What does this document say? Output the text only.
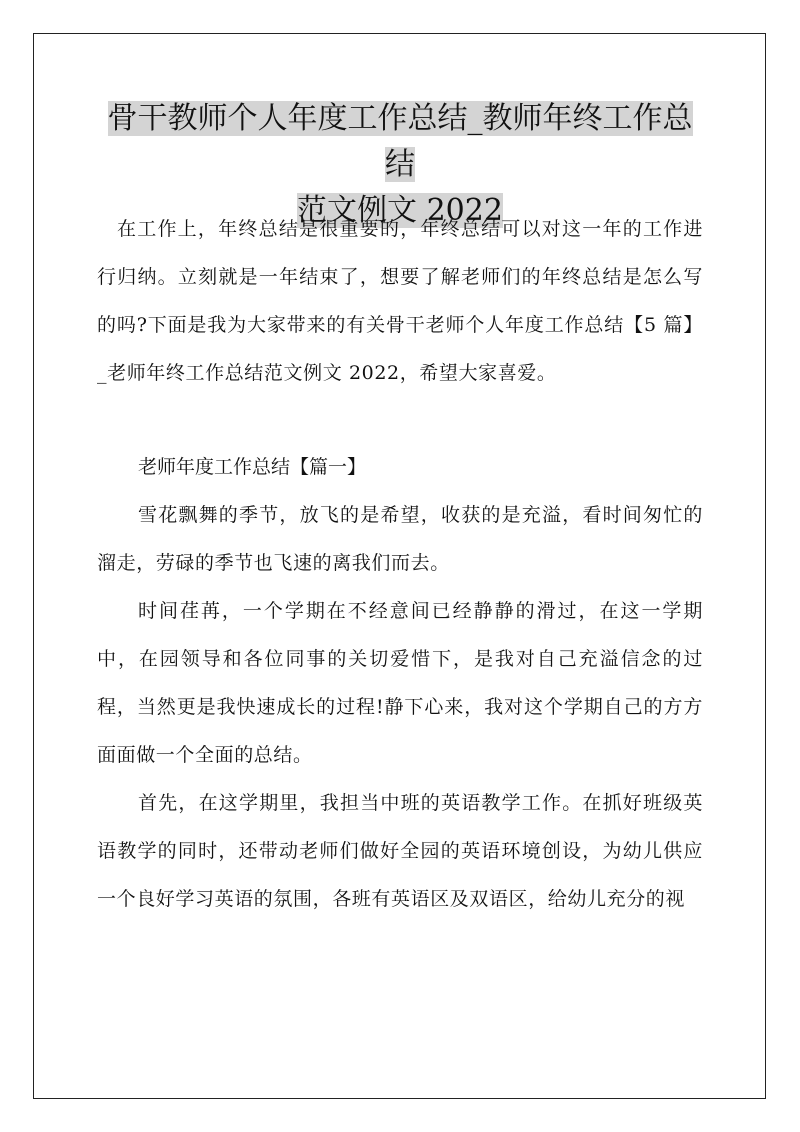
骨干教师个人年度工作总结_教师年终工作总结
范文例文 2022

在工作上，年终总结是很重要的，年终总结可以对这一年的工作进行归纳。立刻就是一年结束了，想要了解老师们的年终总结是怎么写的吗?下面是我为大家带来的有关骨干老师个人年度工作总结【5 篇】_老师年终工作总结范文例文 2022，希望大家喜爱。

老师年度工作总结【篇一】

雪花飘舞的季节，放飞的是希望，收获的是充溢，看时间匆忙的溜走，劳碌的季节也飞速的离我们而去。

时间荏苒，一个学期在不经意间已经静静的滑过，在这一学期中，在园领导和各位同事的关切爱惜下，是我对自己充溢信念的过程，当然更是我快速成长的过程!静下心来，我对这个学期自己的方方面面做一个全面的总结。

首先，在这学期里，我担当中班的英语教学工作。在抓好班级英语教学的同时，还带动老师们做好全园的英语环境创设，为幼儿供应一个良好学习英语的氛围，各班有英语区及双语区，给幼儿充分的视
